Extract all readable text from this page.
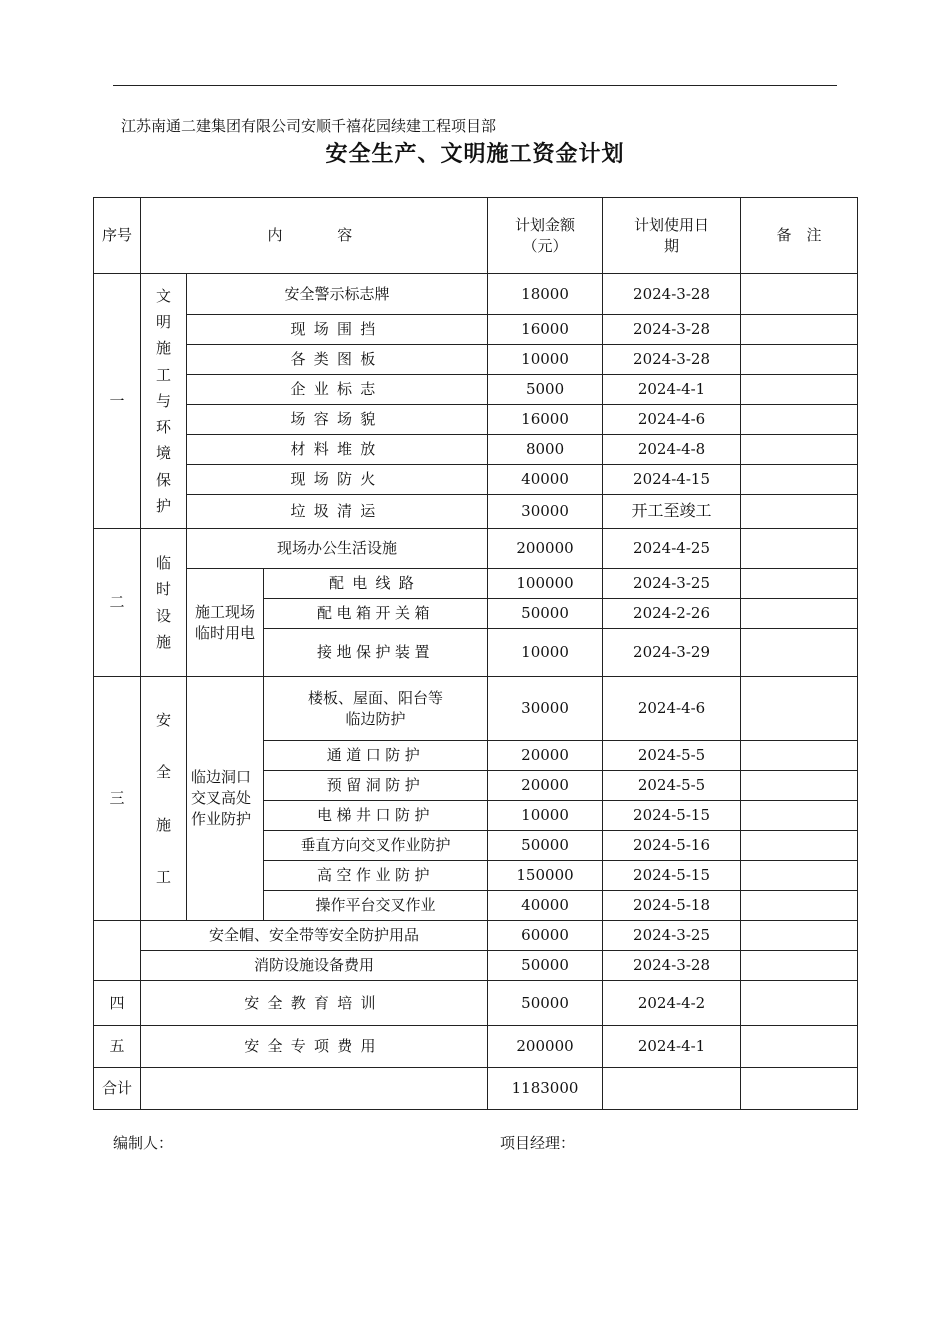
江苏南通二建集团有限公司安顺千禧花园续建工程项目部
安全生产、文明施工资金计划
序号	内　　容			计划金额（元）	计划使用日期	备　注
一	文明施工与环境保护	安全警示标志牌		18000	2024-3-28	
		现场围挡		16000	2024-3-28	
		各类图板		10000	2024-3-28	
		企业标志		5000	2024-4-1	
		场容场貌		16000	2024-4-6	
		材料堆放		8000	2024-4-8	
		现场防火		40000	2024-4-15	
		垃圾清运		30000	开工至竣工	
二	临时设施	现场办公生活设施		200000	2024-4-25	
		施工现场临时用电	配电线路	100000	2024-3-25	
			配电箱开关箱	50000	2024-2-26	
			接地保护装置	10000	2024-3-29	
三	安全施工	临边洞口交叉高处作业防护	楼板、屋面、阳台等临边防护	30000	2024-4-6	
			通道口防护	20000	2024-5-5	
			预留洞防护	20000	2024-5-5	
			电梯井口防护	10000	2024-5-15	
			垂直方向交叉作业防护	50000	2024-5-16	
			高空作业防护	150000	2024-5-15	
			操作平台交叉作业	40000	2024-5-18	
	安全帽、安全带等安全防护用品			60000	2024-3-25	
	消防设施设备费用			50000	2024-3-28	
四	安全教育培训			50000	2024-4-2	
五	安全专项费用			200000	2024-4-1	
合计				1183000		
编制人：	项目经理：
